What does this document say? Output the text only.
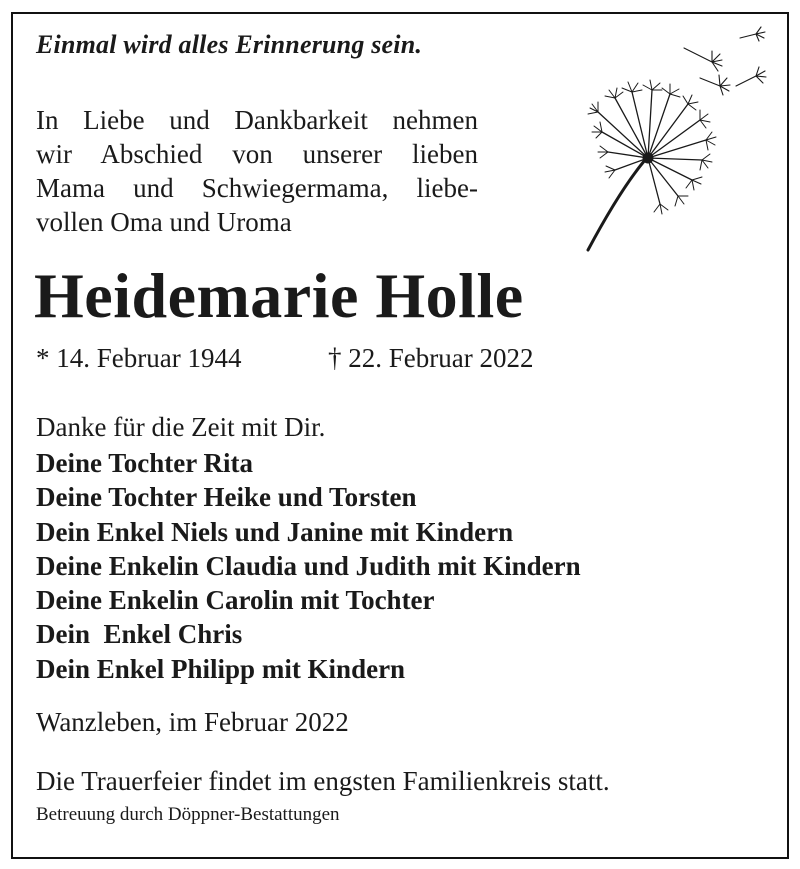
Einmal wird alles Erinnerung sein.
In Liebe und Dankbarkeit nehmen
wir Abschied von unserer lieben
Mama und Schwiegermama, liebe-
vollen Oma und Uroma
Heidemarie Holle
* 14. Februar 1944	† 22. Februar 2022
Danke für die Zeit mit Dir.
Deine Tochter Rita
Deine Tochter Heike und Torsten
Dein Enkel Niels und Janine mit Kindern
Deine Enkelin Claudia und Judith mit Kindern
Deine Enkelin Carolin mit Tochter
Dein  Enkel Chris
Dein Enkel Philipp mit Kindern
Wanzleben, im Februar 2022
Die Trauerfeier findet im engsten Familienkreis statt.
Betreuung durch Döppner-Bestattungen
